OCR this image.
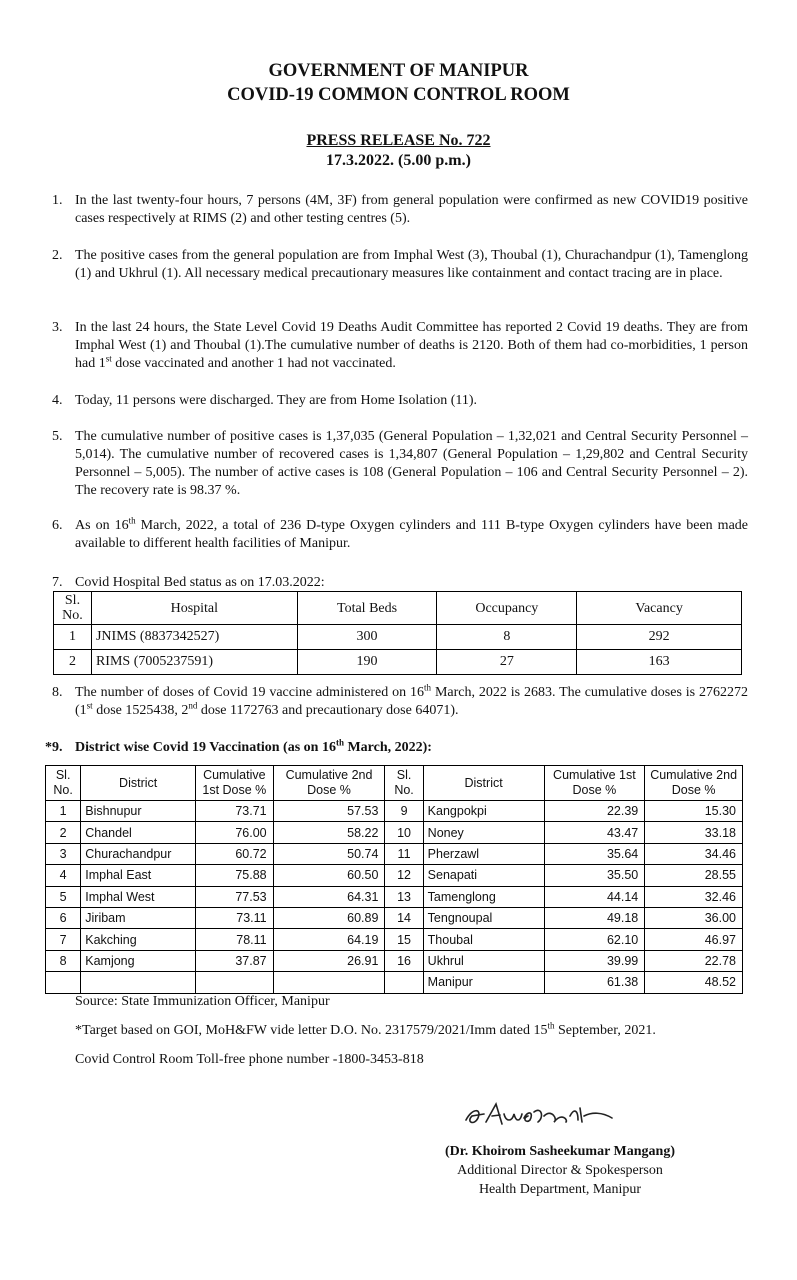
GOVERNMENT OF MANIPUR
COVID-19 COMMON CONTROL ROOM
PRESS RELEASE No. 722
17.3.2022. (5.00 p.m.)
1. In the last twenty-four hours, 7 persons (4M, 3F) from general population were confirmed as new COVID19 positive cases respectively at RIMS (2) and other testing centres (5).
2. The positive cases from the general population are from Imphal West (3), Thoubal (1), Churachandpur (1), Tamenglong (1) and Ukhrul (1). All necessary medical precautionary measures like containment and contact tracing are in place.
3. In the last 24 hours, the State Level Covid 19 Deaths Audit Committee has reported 2 Covid 19 deaths. They are from Imphal West (1) and Thoubal (1).The cumulative number of deaths is 2120. Both of them had co-morbidities, 1 person had 1st dose vaccinated and another 1 had not vaccinated.
4. Today, 11 persons were discharged. They are from Home Isolation (11).
5. The cumulative number of positive cases is 1,37,035 (General Population – 1,32,021 and Central Security Personnel – 5,014). The cumulative number of recovered cases is 1,34,807 (General Population – 1,29,802 and Central Security Personnel – 5,005). The number of active cases is 108 (General Population – 106 and Central Security Personnel – 2). The recovery rate is 98.37 %.
6. As on 16th March, 2022, a total of 236 D-type Oxygen cylinders and 111 B-type Oxygen cylinders have been made available to different health facilities of Manipur.
7. Covid Hospital Bed status as on 17.03.2022:
Sl. No.	Hospital	Total Beds	Occupancy	Vacancy
1	JNIMS (8837342527)	300	8	292
2	RIMS (7005237591)	190	27	163
8. The number of doses of Covid 19 vaccine administered on 16th March, 2022 is 2683. The cumulative doses is 2762272 (1st dose 1525438, 2nd dose 1172763 and precautionary dose 64071).
*9. District wise Covid 19 Vaccination (as on 16th March, 2022):
Sl. No.	District	Cumulative 1st Dose %	Cumulative 2nd Dose %	Sl. No.	District	Cumulative 1st Dose %	Cumulative 2nd Dose %
1	Bishnupur	73.71	57.53	9	Kangpokpi	22.39	15.30
2	Chandel	76.00	58.22	10	Noney	43.47	33.18
3	Churachandpur	60.72	50.74	11	Pherzawl	35.64	34.46
4	Imphal East	75.88	60.50	12	Senapati	35.50	28.55
5	Imphal West	77.53	64.31	13	Tamenglong	44.14	32.46
6	Jiribam	73.11	60.89	14	Tengnoupal	49.18	36.00
7	Kakching	78.11	64.19	15	Thoubal	62.10	46.97
8	Kamjong	37.87	26.91	16	Ukhrul	39.99	22.78
					Manipur	61.38	48.52
Source: State Immunization Officer, Manipur
*Target based on GOI, MoH&FW vide letter D.O. No. 2317579/2021/Imm dated 15th September, 2021.
Covid Control Room Toll-free phone number -1800-3453-818
(Dr. Khoirom Sasheekumar Mangang)
Additional Director & Spokesperson
Health Department, Manipur
